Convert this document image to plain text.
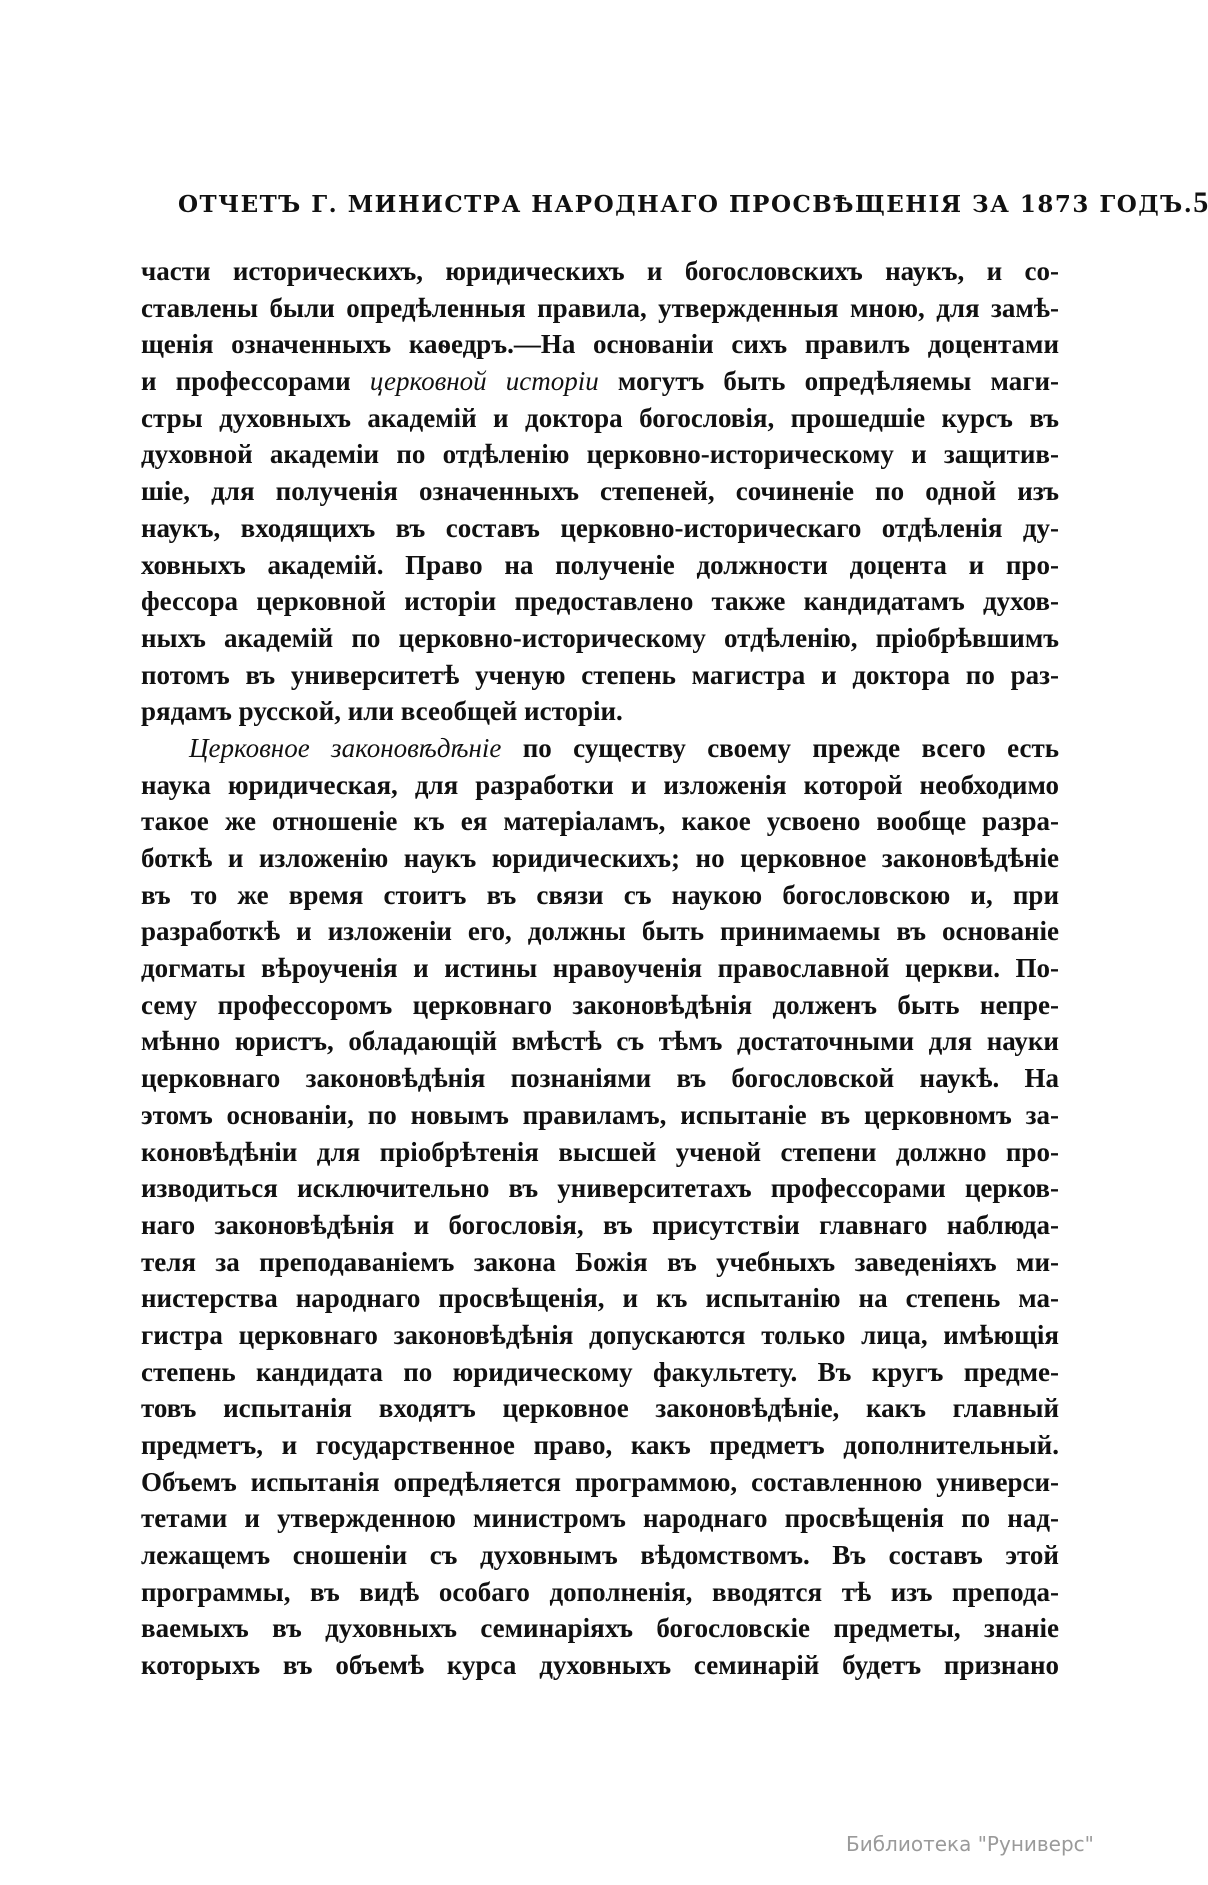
ОТЧЕТЪ Г. МИНИСТРА НАРОДНАГО ПРОСВѢЩЕНІЯ ЗА 1873 ГОДЪ. 5
части историческихъ, юридическихъ и богословскихъ наукъ, и со-
ставлены были опредѣленныя правила, утвержденныя мною, для замѣ-
щенія означенныхъ каѳедръ.—На основаніи сихъ правилъ доцентами
и профессорами церковной исторіи могутъ быть опредѣляемы маги-
стры духовныхъ академій и доктора богословія, прошедшіе курсъ въ
духовной академіи по отдѣленію церковно-историческому и защитив-
шіе, для полученія означенныхъ степеней, сочиненіе по одной изъ
наукъ, входящихъ въ составъ церковно-историческаго отдѣленія ду-
ховныхъ академій. Право на полученіе должности доцента и про-
фессора церковной исторіи предоставлено также кандидатамъ духов-
ныхъ академій по церковно-историческому отдѣленію, пріобрѣвшимъ
потомъ въ университетѣ ученую степень магистра и доктора по раз-
рядамъ русской, или всеобщей исторіи.
Церковное законовѣдѣніе по существу своему прежде всего есть
наука юридическая, для разработки и изложенія которой необходимо
такое же отношеніе къ ея матеріаламъ, какое усвоено вообще разра-
боткѣ и изложенію наукъ юридическихъ; но церковное законовѣдѣніе
въ то же время стоитъ въ связи съ наукою богословскою и, при
разработкѣ и изложеніи его, должны быть принимаемы въ основаніе
догматы вѣроученія и истины нравоученія православной церкви. По-
сему профессоромъ церковнаго законовѣдѣнія долженъ быть непре-
мѣнно юристъ, обладающій вмѣстѣ съ тѣмъ достаточными для науки
церковнаго законовѣдѣнія познаніями въ богословской наукѣ. На
этомъ основаніи, по новымъ правиламъ, испытаніе въ церковномъ за-
коновѣдѣніи для пріобрѣтенія высшей ученой степени должно про-
изводиться исключительно въ университетахъ профессорами церков-
наго законовѣдѣнія и богословія, въ присутствіи главнаго наблюда-
теля за преподаваніемъ закона Божія въ учебныхъ заведеніяхъ ми-
нистерства народнаго просвѣщенія, и къ испытанію на степень ма-
гистра церковнаго законовѣдѣнія допускаются только лица, имѣющія
степень кандидата по юридическому факультету. Въ кругъ предме-
товъ испытанія входятъ церковное законовѣдѣніе, какъ главный
предметъ, и государственное право, какъ предметъ дополнительный.
Объемъ испытанія опредѣляется программою, составленною универси-
тетами и утвержденною министромъ народнаго просвѣщенія по над-
лежащемъ сношеніи съ духовнымъ вѣдомствомъ. Въ составъ этой
программы, въ видѣ особаго дополненія, вводятся тѣ изъ препода-
ваемыхъ въ духовныхъ семинаріяхъ богословскіе предметы, знаніе
которыхъ въ объемѣ курса духовныхъ семинарій будетъ признано
Библиотека "Руниверс"
